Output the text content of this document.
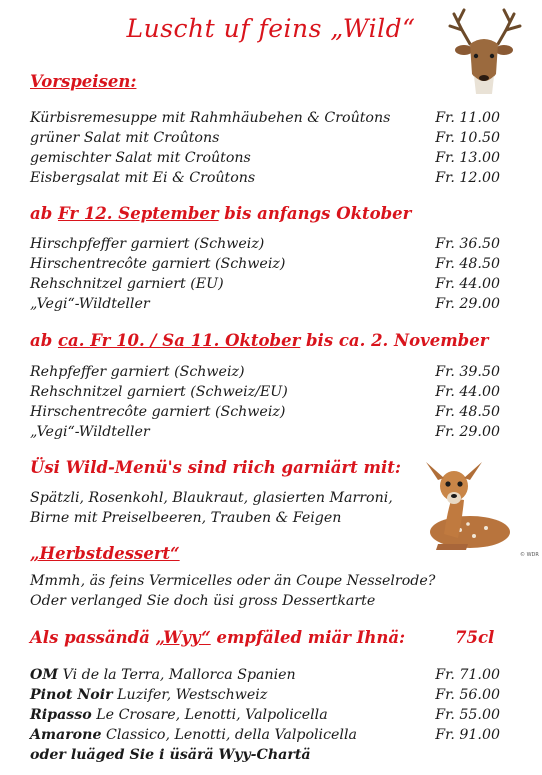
Luscht uf feins „Wild“
Vorspeisen:
Kürbisremesuppe mit Rahmhäubehen & Croûtons	Fr. 11.00
grüner Salat mit Croûtons	Fr. 10.50
gemischter Salat mit Croûtons	Fr. 13.00
Eisbergsalat mit Ei & Croûtons	Fr. 12.00
ab Fr 12. September bis anfangs Oktober
Hirschpfeffer garniert (Schweiz)	Fr. 36.50
Hirschentrecôte garniert (Schweiz)	Fr. 48.50
Rehschnitzel garniert (EU)	Fr. 44.00
„Vegi“-Wildteller	Fr. 29.00
ab ca. Fr 10. / Sa 11. Oktober bis ca. 2. November
Rehpfeffer garniert (Schweiz)	Fr. 39.50
Rehschnitzel garniert (Schweiz/EU)	Fr. 44.00
Hirschentrecôte garniert (Schweiz)	Fr. 48.50
„Vegi“-Wildteller	Fr. 29.00
Üsi Wild-Menü's sind riich garniärt mit:
Spätzli, Rosenkohl, Blaukraut, glasierten Marroni,
Birne mit Preiselbeeren, Trauben & Feigen
© WDR
„Herbstdessert“
Mmmh, äs feins Vermicelles oder än Coupe Nesselrode?
Oder verlanged Sie doch üsi gross Dessertkarte
Als passändä „Wyy“ empfäled miär Ihnä:	75cl
OM Vi de la Terra, Mallorca Spanien	Fr. 71.00
Pinot Noir Luzifer, Westschweiz	Fr. 56.00
Ripasso Le Crosare, Lenotti, Valpolicella	Fr. 55.00
Amarone Classico, Lenotti, della Valpolicella	Fr. 91.00
oder luäged Sie i üsärä Wyy-Chartä
